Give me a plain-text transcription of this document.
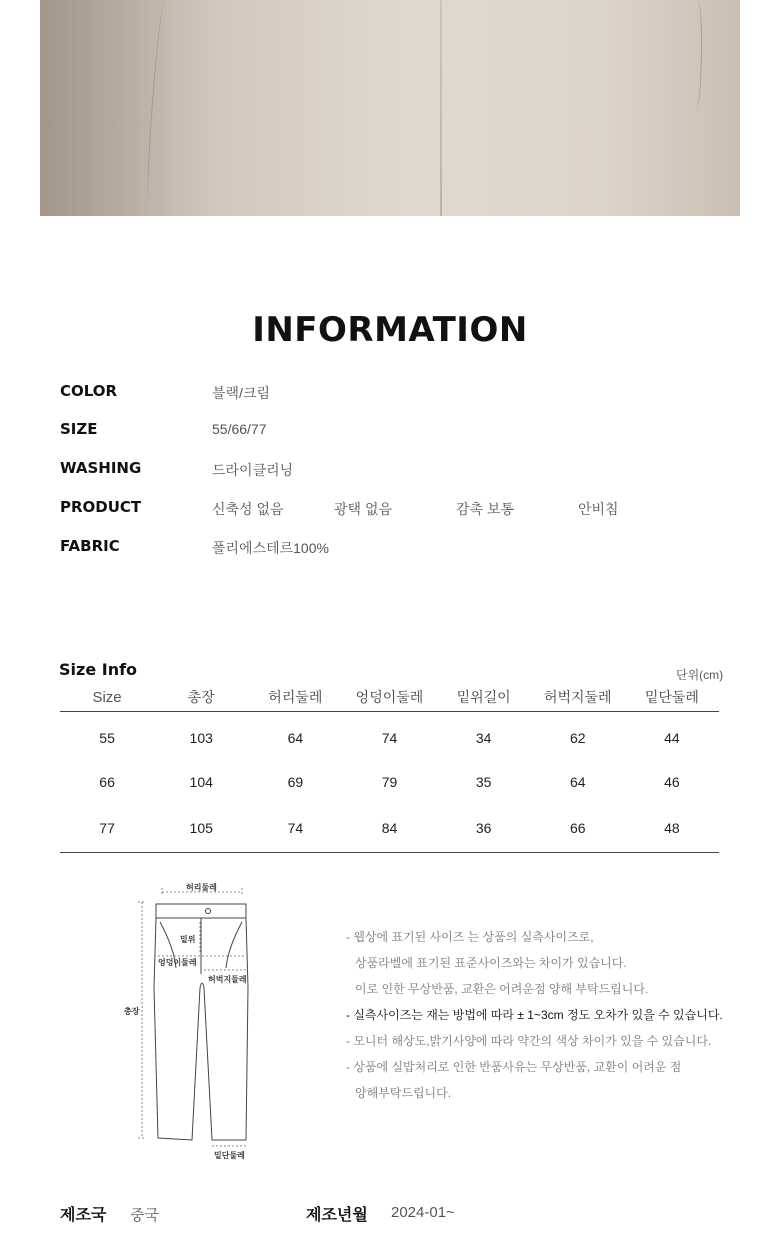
INFORMATION
COLOR	블랙/크림
SIZE	55/66/77
WASHING	드라이클리닝
PRODUCT	신축성 없음	광택 없음	감촉 보통	안비침
FABRIC	폴리에스테르100%
Size Info	단위(cm)
Size	총장	허리둘레	엉덩이둘레	밑위길이	허벅지둘레	밑단둘레
55	103	64	74	34	62	44
66	104	69	79	35	64	46
77	105	74	84	36	66	48
허리둘레
밑위
엉덩이둘레
허벅지둘레
총장
밑단둘레
- 웹상에 표기된 사이즈 는 상품의 실측사이즈로,
상품라벨에 표기된 표준사이즈와는 차이가 있습니다.
이로 인한 무상반품, 교환은 어려운점 양해 부탁드립니다.
- 실측사이즈는 재는 방법에 따라 ± 1~3cm 정도 오차가 있을 수 있습니다.
- 모니터 해상도,밝기사양에 따라 약간의 색상 차이가 있을 수 있습니다.
- 상품에 실밥처리로 인한 반품사유는 무상반품, 교환이 어려운 점
양해부탁드립니다.
제조국 중국	제조년월 2024-01~
